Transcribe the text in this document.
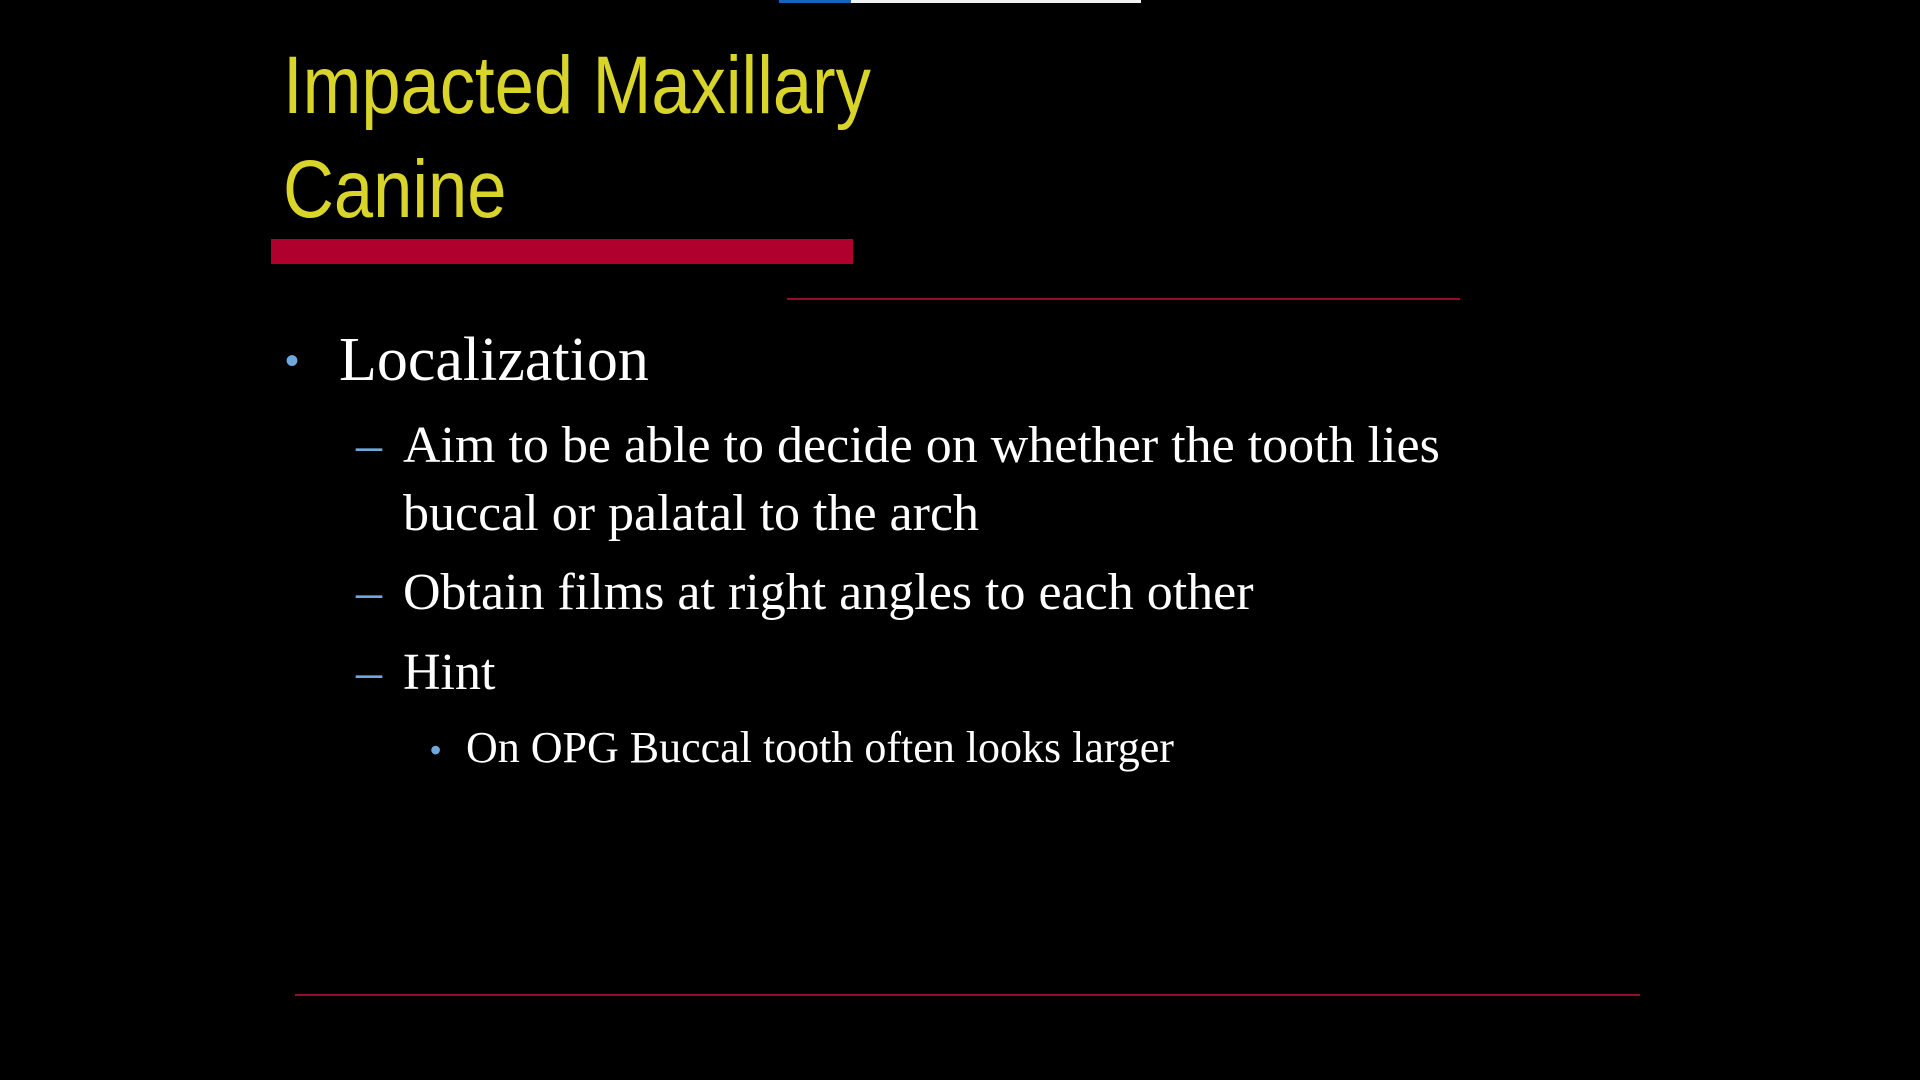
Impacted Maxillary
Canine
• Localization
– Aim to be able to decide on whether the tooth lies buccal or palatal to the arch
– Obtain films at right angles to each other
– Hint
• On OPG Buccal tooth often looks larger
